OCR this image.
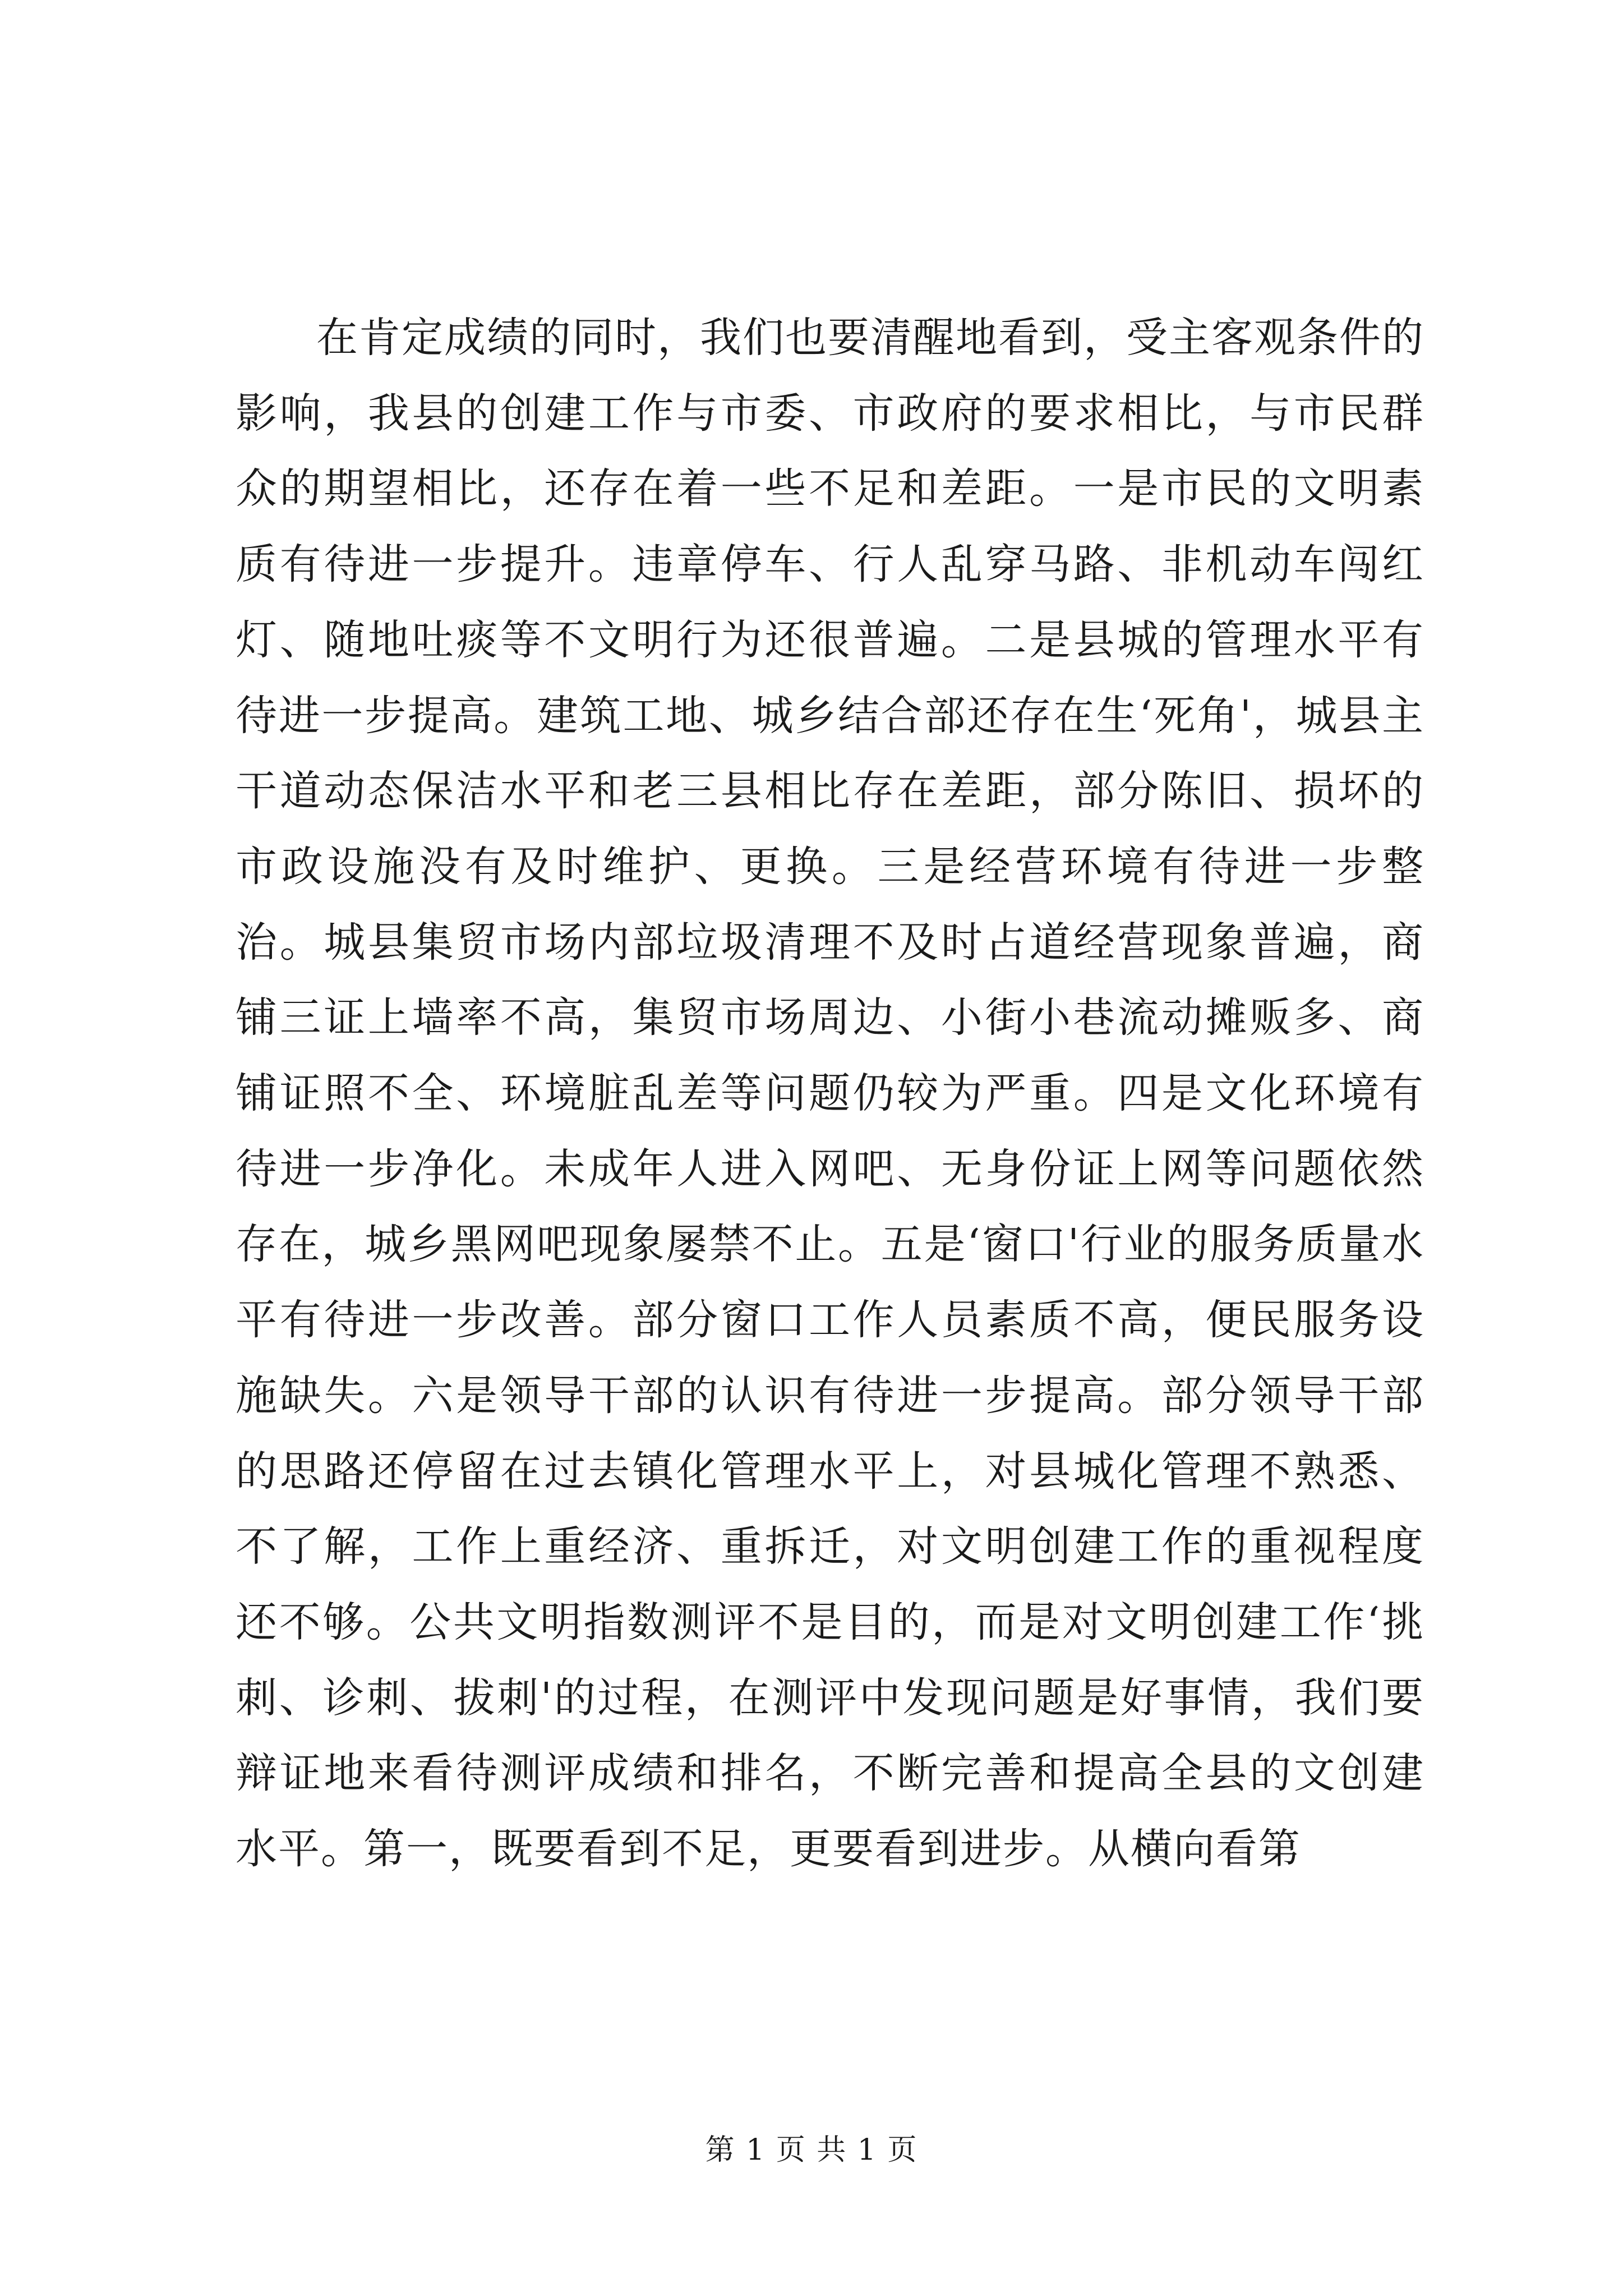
在肯定成绩的同时，我们也要清醒地看到，受主客观条件的影响，我县的创建工作与市委、市政府的要求相比，与市民群众的期望相比，还存在着一些不足和差距。一是市民的文明素质有待进一步提升。违章停车、行人乱穿马路、非机动车闯红灯、随地吐痰等不文明行为还很普遍。二是县城的管理水平有待进一步提高。建筑工地、城乡结合部还存在生‘死角'，城县主干道动态保洁水平和老三县相比存在差距，部分陈旧、损坏的市政设施没有及时维护、更换。三是经营环境有待进一步整治。城县集贸市场内部垃圾清理不及时占道经营现象普遍，商铺三证上墙率不高，集贸市场周边、小街小巷流动摊贩多、商铺证照不全、环境脏乱差等问题仍较为严重。四是文化环境有待进一步净化。未成年人进入网吧、无身份证上网等问题依然存在，城乡黑网吧现象屡禁不止。五是‘窗口'行业的服务质量水平有待进一步改善。部分窗口工作人员素质不高，便民服务设施缺失。六是领导干部的认识有待进一步提高。部分领导干部的思路还停留在过去镇化管理水平上，对县城化管理不熟悉、不了解，工作上重经济、重拆迁，对文明创建工作的重视程度还不够。公共文明指数测评不是目的，而是对文明创建工作‘挑刺、诊刺、拔刺'的过程，在测评中发现问题是好事情，我们要辩证地来看待测评成绩和排名，不断完善和提高全县的文创建水平。第一，既要看到不足，更要看到进步。从横向看第

第 1 页 共 1 页
